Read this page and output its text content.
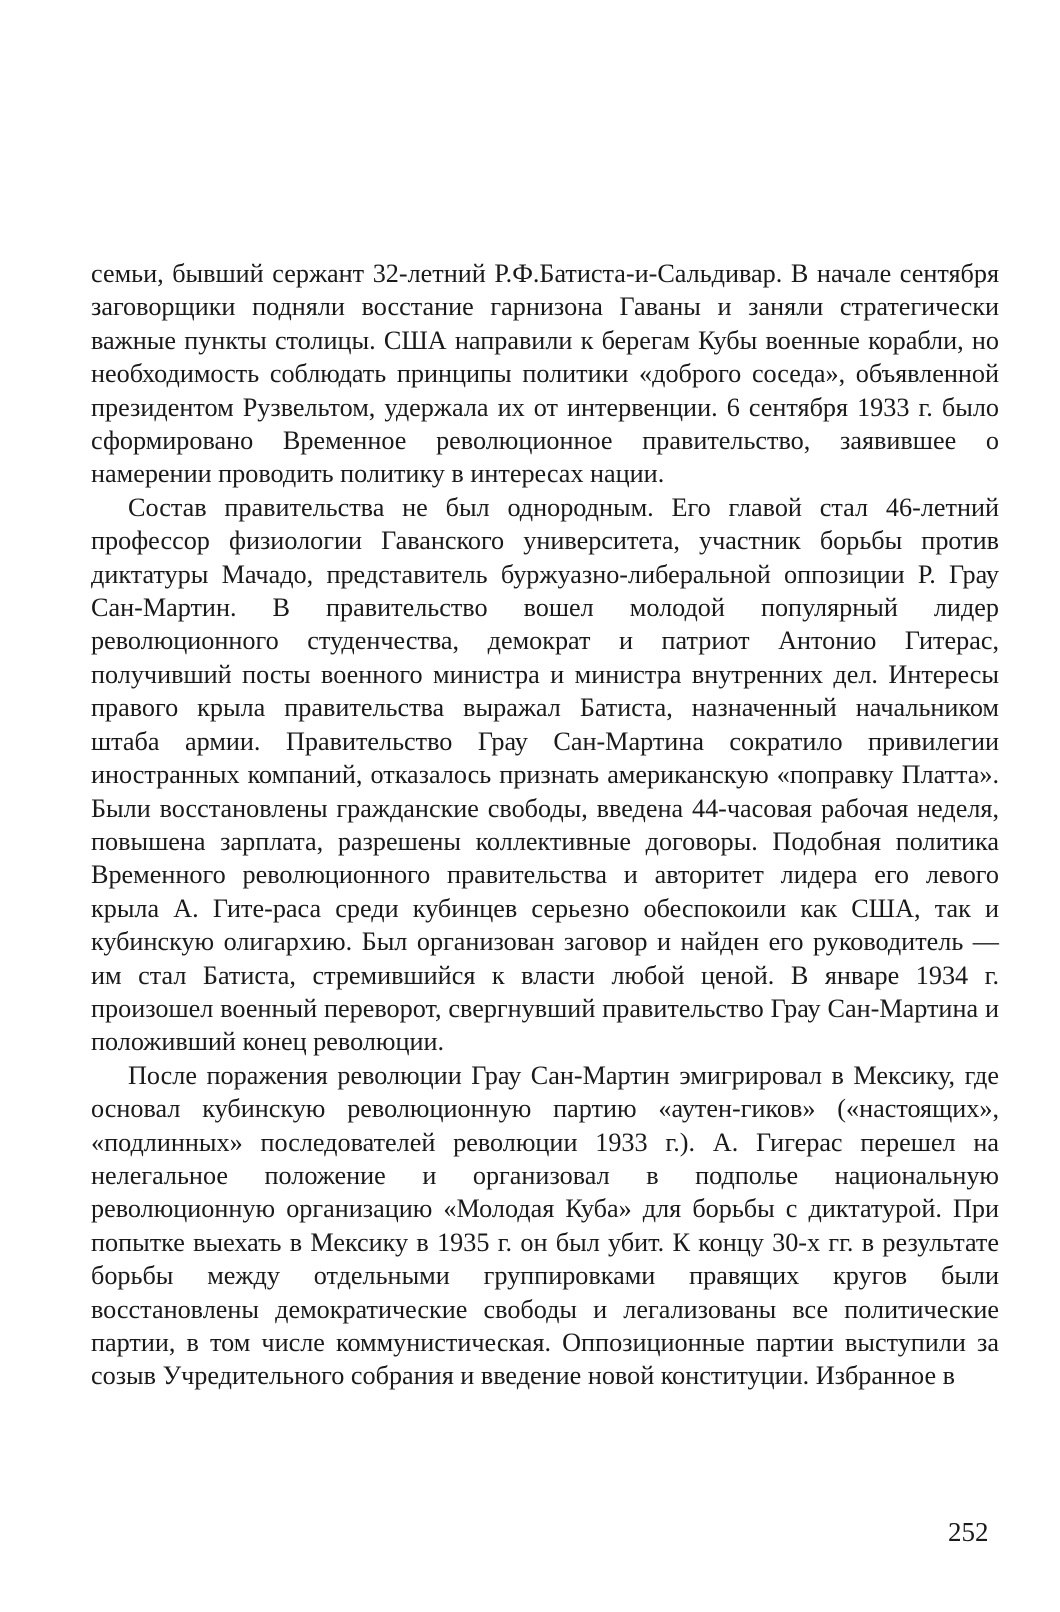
семьи, бывший сержант 32-летний Р.Ф.Батиста-и-Сальдивар. В начале сентября заговорщики подняли восстание гарнизона Гаваны и заняли стратегически важные пункты столицы. США направили к берегам Кубы военные корабли, но необходимость соблюдать принципы политики «доброго соседа», объявленной президентом Рузвельтом, удержала их от интервенции. 6 сентября 1933 г. было сформировано Временное революционное правительство, заявившее о намерении проводить политику в интересах нации.

Состав правительства не был однородным. Его главой стал 46-летний профессор физиологии Гаванского университета, участник борьбы против диктатуры Мачадо, представитель буржуазно-либеральной оппозиции Р. Грау Сан-Мартин. В правительство вошел молодой популярный лидер революционного студенчества, демократ и патриот Антонио Гитерас, получивший посты военного министра и министра внутренних дел. Интересы правого крыла правительства выражал Батиста, назначенный начальником штаба армии. Правительство Грау Сан-Мартина сократило привилегии иностранных компаний, отказалось признать американскую «поправку Платта». Были восстановлены гражданские свободы, введена 44-часовая рабочая неделя, повышена зарплата, разрешены коллективные договоры. Подобная политика Временного революционного правительства и авторитет лидера его левого крыла А. Гите-раса среди кубинцев серьезно обеспокоили как США, так и кубинскую олигархию. Был организован заговор и найден его руководитель — им стал Батиста, стремившийся к власти любой ценой. В январе 1934 г. произошел военный переворот, свергнувший правительство Грау Сан-Мартина и положивший конец революции.

После поражения революции Грау Сан-Мартин эмигрировал в Мексику, где основал кубинскую революционную партию «аутен-гиков» («настоящих», «подлинных» последователей революции 1933 г.). А. Гигерас перешел на нелегальное положение и организовал в подполье национальную революционную организацию «Молодая Куба» для борьбы с диктатурой. При попытке выехать в Мексику в 1935 г. он был убит. К концу 30-х гг. в результате борьбы между отдельными группировками правящих кругов были восстановлены демократические свободы и легализованы все политические партии, в том числе коммунистическая. Оппозиционные партии выступили за созыв Учредительного собрания и введение новой конституции. Избранное в

252
